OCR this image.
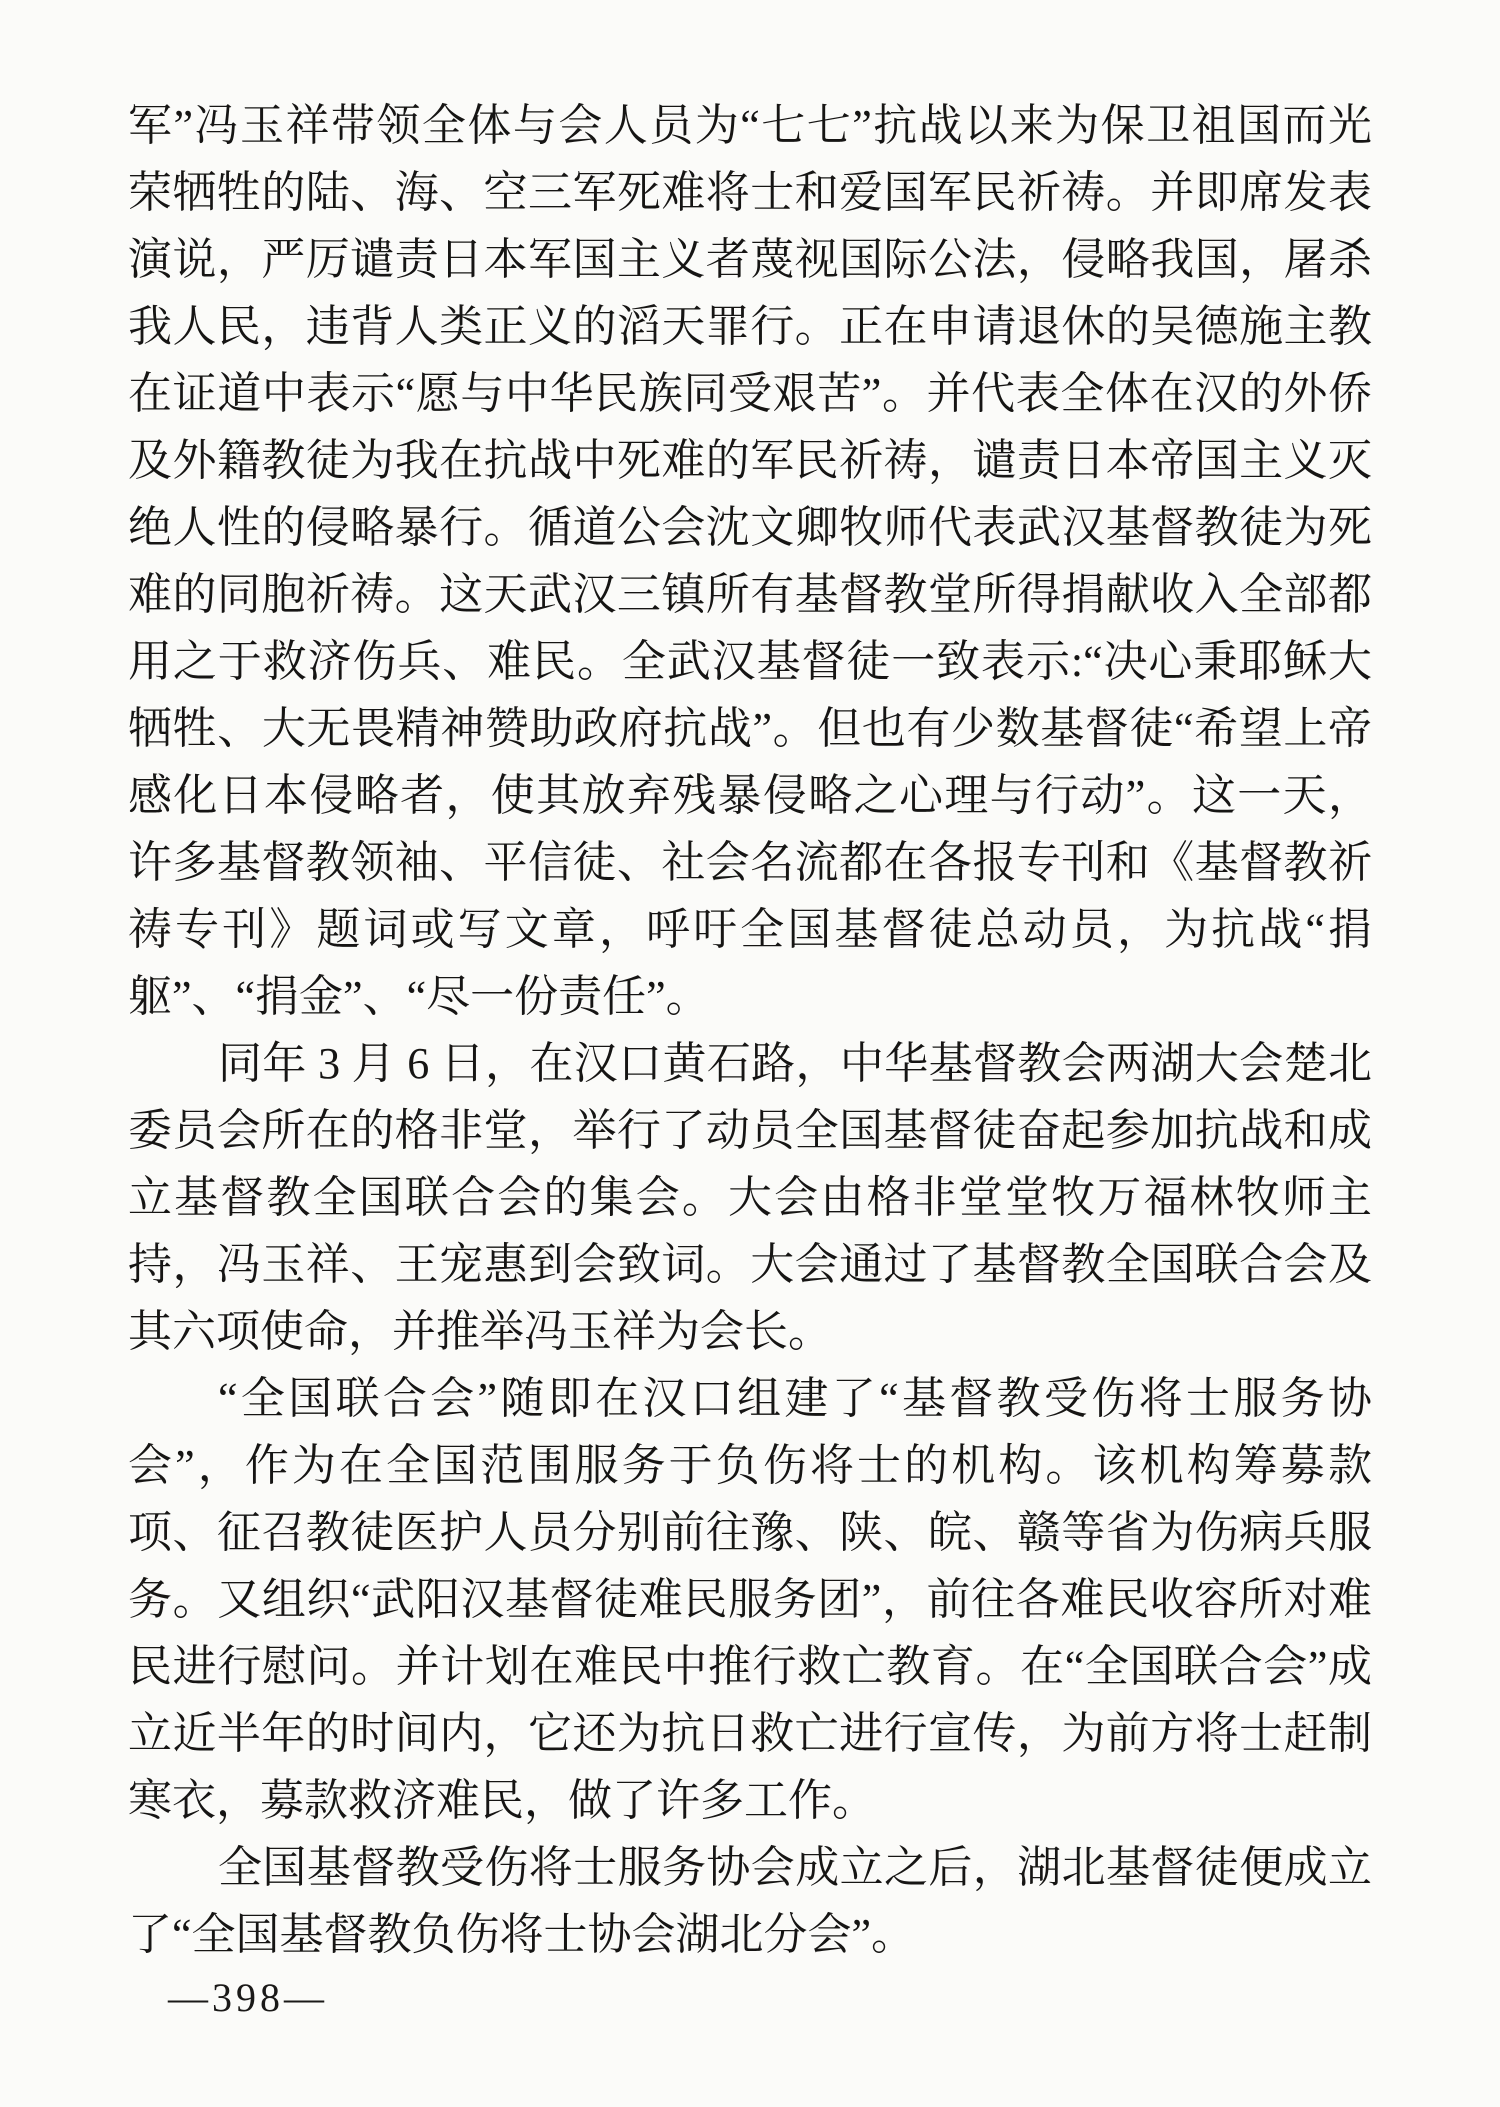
军”冯玉祥带领全体与会人员为“七七”抗战以来为保卫祖国而光
荣牺牲的陆、海、空三军死难将士和爱国军民祈祷。并即席发表
演说，严厉谴责日本军国主义者蔑视国际公法，侵略我国，屠杀
我人民，违背人类正义的滔天罪行。正在申请退休的吴德施主教
在证道中表示“愿与中华民族同受艰苦”。并代表全体在汉的外侨
及外籍教徒为我在抗战中死难的军民祈祷，谴责日本帝国主义灭
绝人性的侵略暴行。循道公会沈文卿牧师代表武汉基督教徒为死
难的同胞祈祷。这天武汉三镇所有基督教堂所得捐献收入全部都
用之于救济伤兵、难民。全武汉基督徒一致表示:“决心秉耶稣大
牺牲、大无畏精神赞助政府抗战”。但也有少数基督徒“希望上帝
感化日本侵略者，使其放弃残暴侵略之心理与行动”。这一天，
许多基督教领袖、平信徒、社会名流都在各报专刊和《基督教祈
祷专刊》题词或写文章，呼吁全国基督徒总动员，为抗战“捐
躯”、“捐金”、“尽一份责任”。
同年 3 月 6 日，在汉口黄石路，中华基督教会两湖大会楚北
委员会所在的格非堂，举行了动员全国基督徒奋起参加抗战和成
立基督教全国联合会的集会。大会由格非堂堂牧万福林牧师主
持，冯玉祥、王宠惠到会致词。大会通过了基督教全国联合会及
其六项使命，并推举冯玉祥为会长。
“全国联合会”随即在汉口组建了“基督教受伤将士服务协
会”，作为在全国范围服务于负伤将士的机构。该机构筹募款
项、征召教徒医护人员分别前往豫、陕、皖、赣等省为伤病兵服
务。又组织“武阳汉基督徒难民服务团”，前往各难民收容所对难
民进行慰问。并计划在难民中推行救亡教育。在“全国联合会”成
立近半年的时间内，它还为抗日救亡进行宣传，为前方将士赶制
寒衣，募款救济难民，做了许多工作。
全国基督教受伤将士服务协会成立之后，湖北基督徒便成立
了“全国基督教负伤将士协会湖北分会”。
—398—
